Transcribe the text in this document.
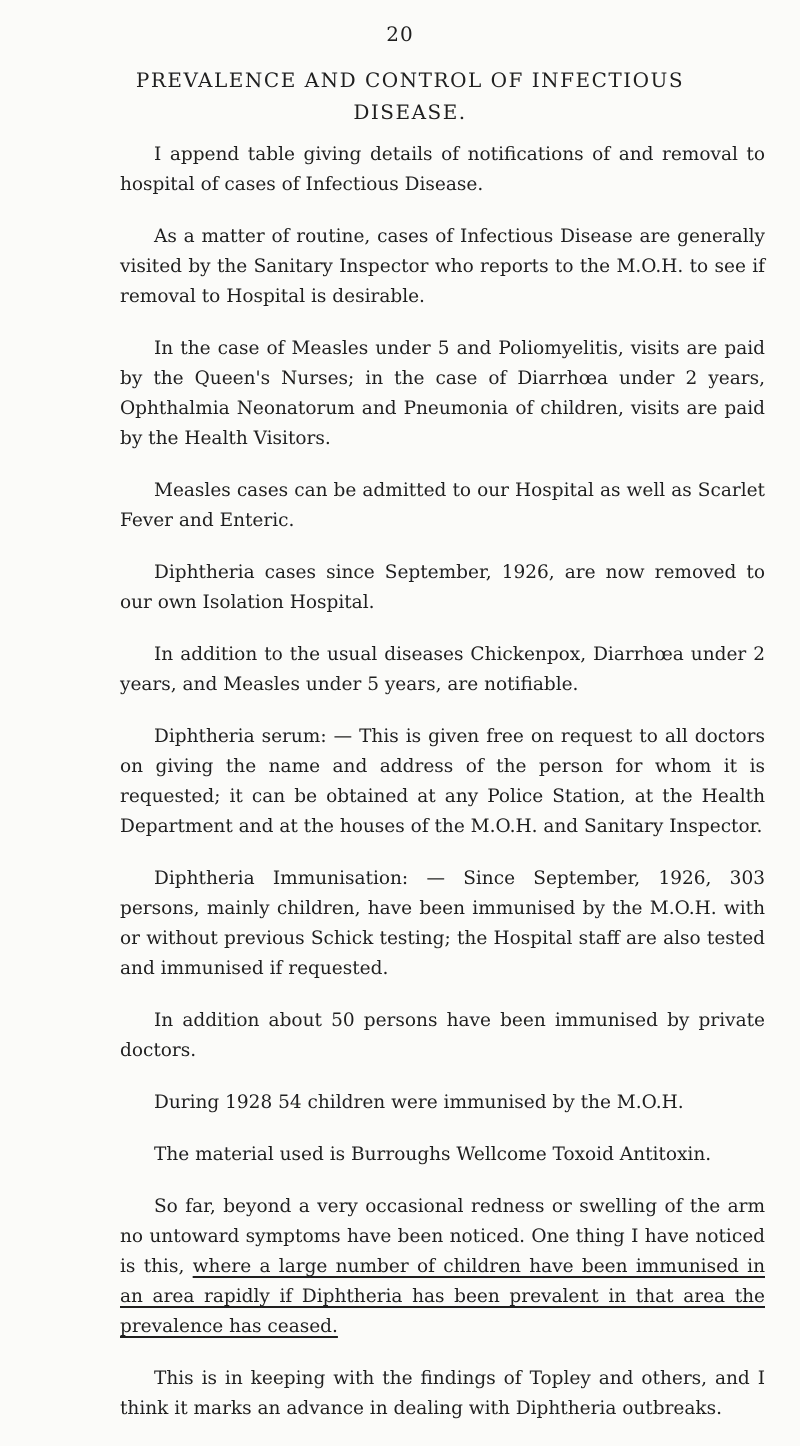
20
PREVALENCE AND CONTROL OF INFECTIOUS DISEASE.

I append table giving details of notifications of and removal to hospital of cases of Infectious Disease.

As a matter of routine, cases of Infectious Disease are generally visited by the Sanitary Inspector who reports to the M.O.H. to see if removal to Hospital is desirable.

In the case of Measles under 5 and Poliomyelitis, visits are paid by the Queen's Nurses; in the case of Diarrhœa under 2 years, Ophthalmia Neonatorum and Pneumonia of children, visits are paid by the Health Visitors.

Measles cases can be admitted to our Hospital as well as Scarlet Fever and Enteric.

Diphtheria cases since September, 1926, are now removed to our own Isolation Hospital.

In addition to the usual diseases Chickenpox, Diarrhœa under 2 years, and Measles under 5 years, are notifiable.

Diphtheria serum: — This is given free on request to all doctors on giving the name and address of the person for whom it is requested; it can be obtained at any Police Station, at the Health Department and at the houses of the M.O.H. and Sanitary Inspector.

Diphtheria Immunisation: — Since September, 1926, 303 persons, mainly children, have been immunised by the M.O.H. with or without previous Schick testing; the Hospital staff are also tested and immunised if requested.

In addition about 50 persons have been immunised by private doctors.

During 1928 54 children were immunised by the M.O.H.

The material used is Burroughs Wellcome Toxoid Antitoxin.

So far, beyond a very occasional redness or swelling of the arm no untoward symptoms have been noticed. One thing I have noticed is this, where a large number of children have been immunised in an area rapidly if Diphtheria has been prevalent in that area the prevalence has ceased.

This is in keeping with the findings of Topley and others, and I think it marks an advance in dealing with Diphtheria outbreaks.
